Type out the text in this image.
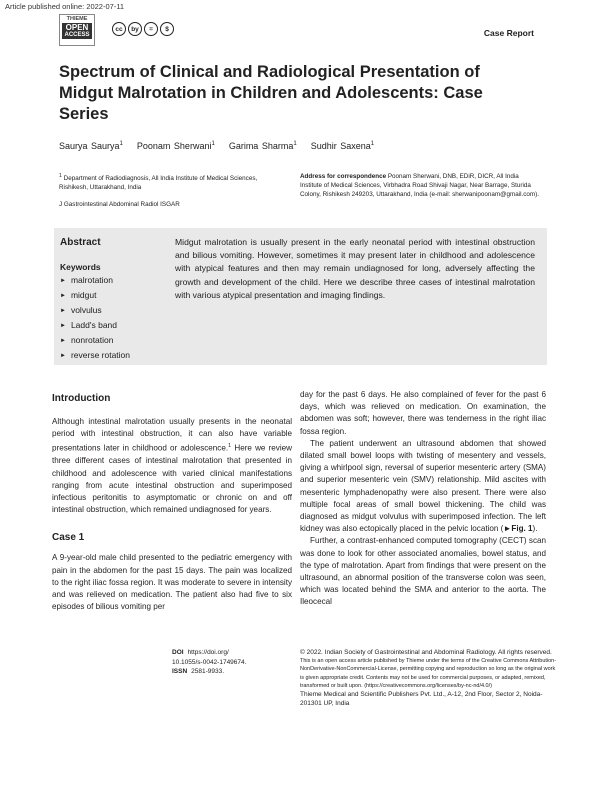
Article published online: 2022-07-11
THIEME
OPEN
ACCESS
cc	by	=	$	Case Report
Spectrum of Clinical and Radiological Presentation of Midgut Malrotation in Children and Adolescents: Case Series
Saurya Saurya$^1$ Poonam Sherwani$^1$ Garima Sharma$^1$ Sudhir Saxena$^1$
$^1$ Department of Radiodiagnosis, All India Institute of Medical Sciences, Rishikesh, Uttarakhand, India
J Gastrointestinal Abdominal Radiol ISGAR
Address for correspondence Poonam Sherwani, DNB, EDiR, DICR, All India Institute of Medical Sciences, Virbhadra Road Shivaji Nagar, Near Barrage, Sturida Colony, Rishikesh 249203, Uttarakhand, India (e-mail: sherwanipoonam@gmail.com).
Abstract
Keywords
► malrotation
► midgut
► volvulus
► Ladd's band
► nonrotation
► reverse rotation
Midgut malrotation is usually present in the early neonatal period with intestinal obstruction and bilious vomiting. However, sometimes it may present later in childhood and adolescence with atypical features and then may remain undiagnosed for long, adversely affecting the growth and development of the child. Here we describe three cases of intestinal malrotation with various atypical presentation and imaging findings.
Introduction

Although intestinal malrotation usually presents in the neonatal period with intestinal obstruction, it can also have variable presentations later in childhood or adolescence.$^1$ Here we review three different cases of intestinal malrotation that presented in childhood and adolescence with varied clinical manifestations ranging from acute intestinal obstruction and superimposed infectious peritonitis to asymptomatic or chronic on and off intestinal obstruction, which remained undiagnosed for years.

Case 1

A 9-year-old male child presented to the pediatric emergency with pain in the abdomen for the past 15 days. The pain was localized to the right iliac fossa region. It was moderate to severe in intensity and was relieved on medication. The patient also had five to six episodes of bilious vomiting per

day for the past 6 days. He also complained of fever for the past 6 days, which was relieved on medication. On examination, the abdomen was soft; however, there was tenderness in the right iliac fossa region.

The patient underwent an ultrasound abdomen that showed dilated small bowel loops with twisting of mesentery and vessels, giving a whirlpool sign, reversal of superior mesenteric artery (SMA) and superior mesenteric vein (SMV) relationship. Mild ascites with mesenteric lymphadenopathy were also present. There were also multiple focal areas of small bowel thickening. The child was diagnosed as midgut volvulus with superimposed infection. The left kidney was also ectopically placed in the pelvic location (►Fig. 1).

Further, a contrast-enhanced computed tomography (CECT) scan was done to look for other associated anomalies, bowel status, and the type of malrotation. Apart from findings that were present on the ultrasound, an abnormal position of the transverse colon was seen, which was located behind the SMA and anterior to the aorta. The Ileocecal

DOI https://doi.org/
10.1055/s-0042-1749674.
ISSN 2581-9933.
© 2022. Indian Society of Gastrointestinal and Abdominal Radiology. All rights reserved.
This is an open access article published by Thieme under the terms of the Creative Commons Attribution-NonDerivative-NonCommercial-License, permitting copying and reproduction so long as the original work is given appropriate credit. Contents may not be used for commercial purposes, or adapted, remixed, transformed or built upon. (https://creativecommons.org/licenses/by-nc-nd/4.0/)
Thieme Medical and Scientific Publishers Pvt. Ltd., A-12, 2nd Floor, Sector 2, Noida-201301 UP, India
